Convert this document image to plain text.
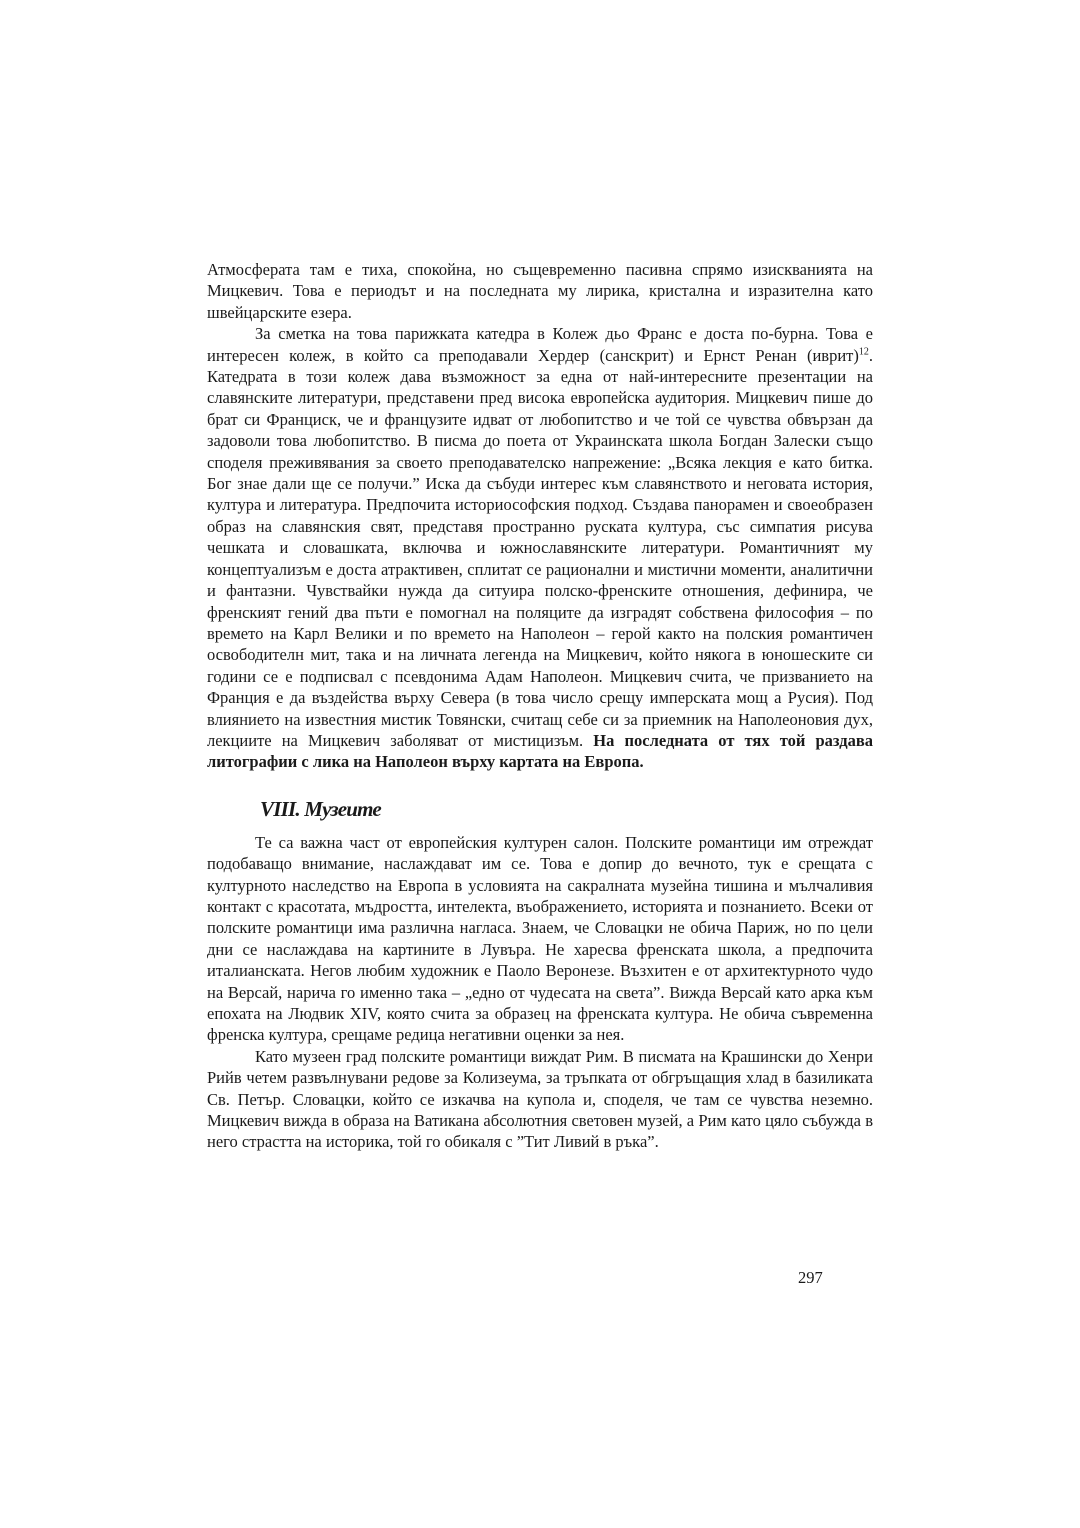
Атмосферата там е тиха, спокойна, но същевременно пасивна спрямо изискванията на Мицкевич. Това е периодът и на последната му лирика, кристална и изразителна като швейцарските езера.

За сметка на това парижката катедра в Колеж дьо Франс е доста по-бурна. Това е интересен колеж, в който са преподавали Хердер (санскрит) и Ернст Ренан (иврит)$^{12}$. Катедрата в този колеж дава възможност за една от най-интересните презентации на славянските литератури, представени пред висока европейска аудитория. Мицкевич пише до брат си Франциск, че и французите идват от любопитство и че той се чувства обвързан да задоволи това любопитство. В писма до поета от Украинската школа Богдан Залески също споделя преживявания за своето преподавателско напрежение: „Всяка лекция е като битка. Бог знае дали ще се получи.” Иска да събуди интерес към славянството и неговата история, култура и литература. Предпочита историософския подход. Създава панорамен и своеобразен образ на славянския свят, представя пространно руската култура, със симпатия рисува чешката и словашката, включва и южнославянските литератури. Романтичният му концептуализъм е доста атрактивен, сплитат се рационални и мистични моменти, аналитични и фантазни. Чувствайки нужда да ситуира полско-френските отношения, дефинира, че френският гений два пъти е помогнал на поляците да изградят собствена философия – по времето на Карл Велики и по времето на Наполеон – герой както на полския романтичен освободителн мит, така и на личната легенда на Мицкевич, който някога в юношеските си години се е подписвал с псевдонима Адам Наполеон. Мицкевич счита, че призванието на Франция е да въздейства върху Севера (в това число срещу имперската мощ а Русия). Под влиянието на известния мистик Товянски, считащ себе си за приемник на Наполеоновия дух, лекциите на Мицкевич заболяват от мистицизъм. На последната от тях той раздава литографии с лика на Наполеон върху картата на Европа.

VIII. Музеите

Те са важна част от европейския културен салон. Полските романтици им отреждат подобаващо внимание, наслаждават им се. Това е допир до вечното, тук е срещата с културното наследство на Европа в условията на сакралната музейна тишина и мълчаливия контакт с красотата, мъдростта, интелекта, въображението, историята и познанието. Всеки от полските романтици има различна нагласа. Знаем, че Словацки не обича Париж, но по цели дни се наслаждава на картините в Лувъра. Не харесва френската школа, а предпочита италианската. Негов любим художник е Паоло Веронезе. Възхитен е от архитектурното чудо на Версай, нарича го именно така – „едно от чудесата на света”. Вижда Версай като арка към епохата на Людвик XIV, която счита за образец на френската култура. Не обича съвременна френска култура, срещаме редица негативни оценки за нея.

Като музеен град полските романтици виждат Рим. В писмата на Крашински до Хенри Рийв четем развълнувани редове за Колизеума, за тръпката от обгръщащия хлад в базиликата Св. Петър. Словацки, който се изкачва на купола и, споделя, че там се чувства неземно. Мицкевич вижда в образа на Ватикана абсолютния световен музей, а Рим като цяло събужда в него страстта на историка, той го обикаля с ”Тит Ливий в ръка”.

297
